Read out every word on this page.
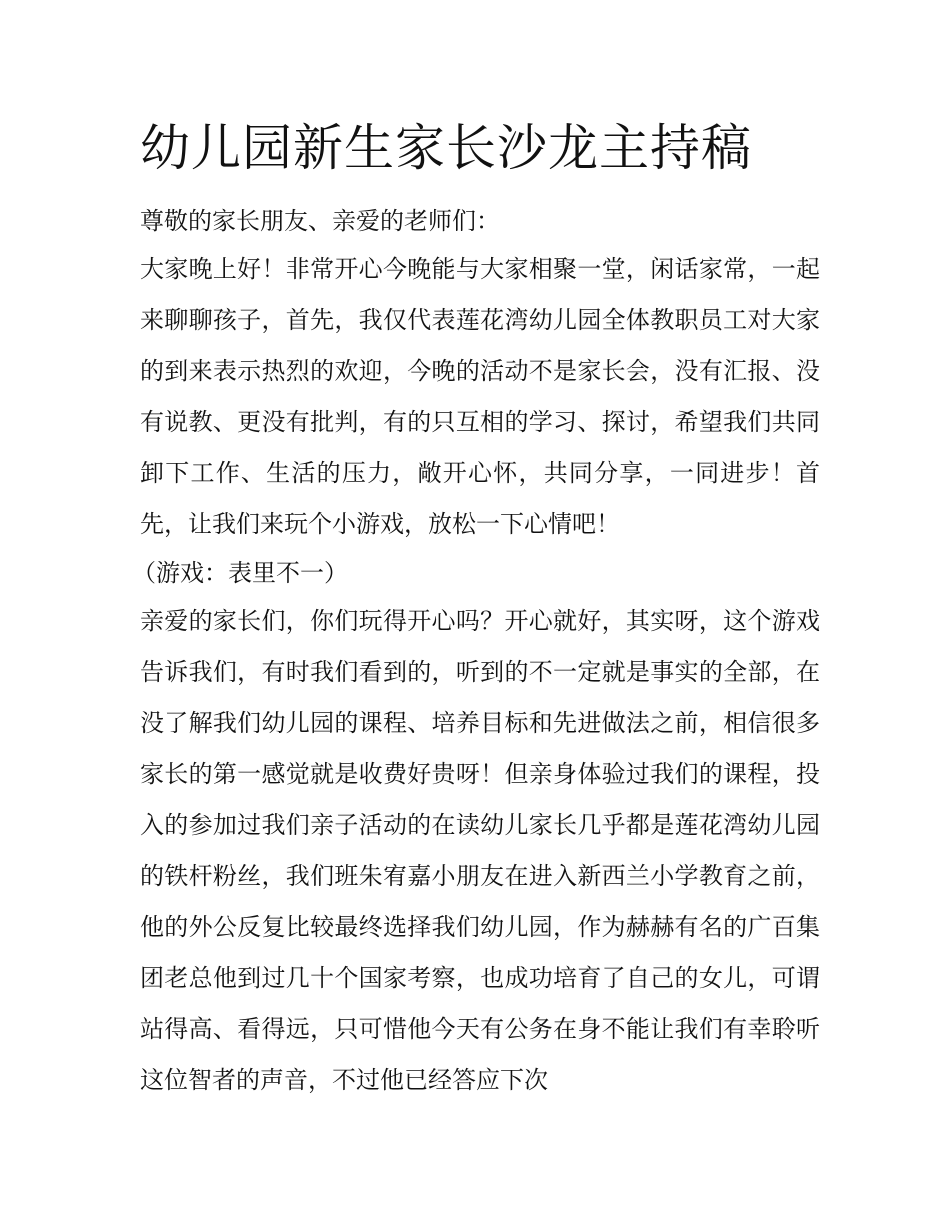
幼儿园新生家长沙龙主持稿

尊敬的家长朋友、亲爱的老师们：

大家晚上好！非常开心今晚能与大家相聚一堂，闲话家常，一起来聊聊孩子，首先，我仅代表莲花湾幼儿园全体教职员工对大家的到来表示热烈的欢迎，今晚的活动不是家长会，没有汇报、没有说教、更没有批判，有的只互相的学习、探讨，希望我们共同卸下工作、生活的压力，敞开心怀，共同分享，一同进步！首先，让我们来玩个小游戏，放松一下心情吧！

（游戏：表里不一）

亲爱的家长们，你们玩得开心吗？开心就好，其实呀，这个游戏告诉我们，有时我们看到的，听到的不一定就是事实的全部，在没了解我们幼儿园的课程、培养目标和先进做法之前，相信很多家长的第一感觉就是收费好贵呀！但亲身体验过我们的课程，投入的参加过我们亲子活动的在读幼儿家长几乎都是莲花湾幼儿园的铁杆粉丝，我们班朱宥嘉小朋友在进入新西兰小学教育之前，他的外公反复比较最终选择我们幼儿园，作为赫赫有名的广百集团老总他到过几十个国家考察，也成功培育了自己的女儿，可谓站得高、看得远，只可惜他今天有公务在身不能让我们有幸聆听这位智者的声音，不过他已经答应下次
